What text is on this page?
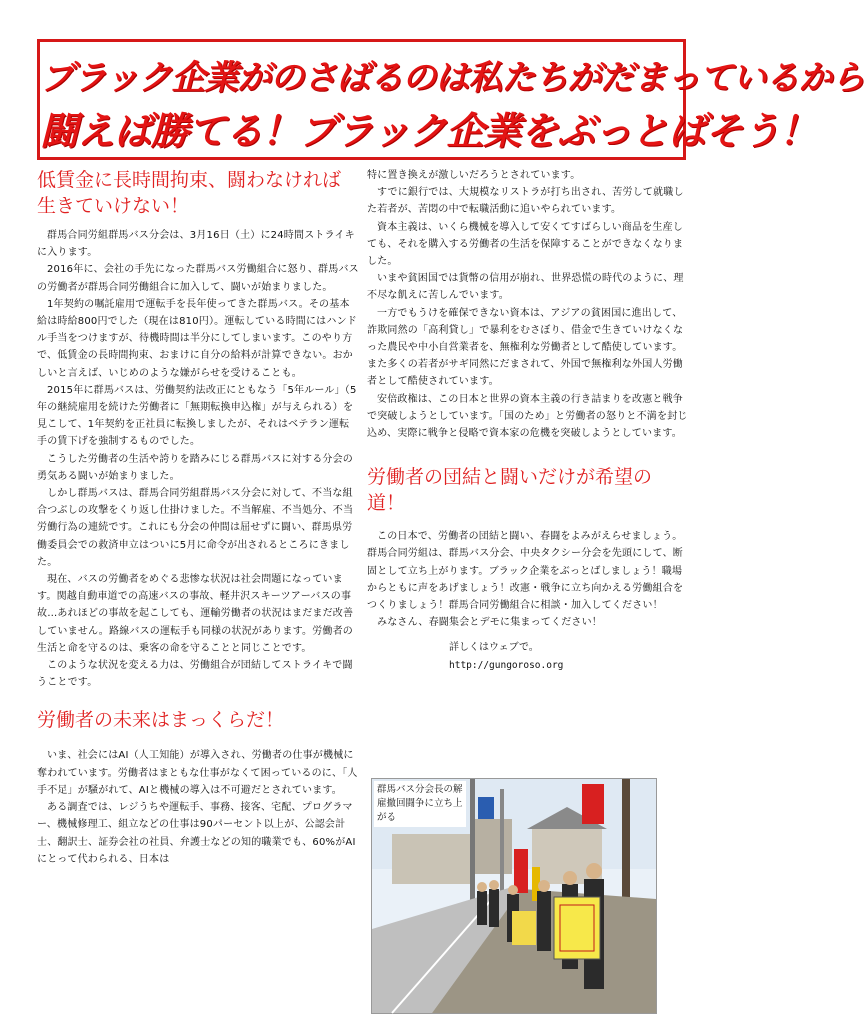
ブラック企業がのさばるのは私たちがだまっているから
闘えば勝てる！ブラック企業をぶっとばそう！
低賃金に長時間拘束、闘わなければ生きていけない！

群馬合同労組群馬バス分会は、3月16日（土）に24時間ストライキに入ります。

2016年に、会社の手先になった群馬バス労働組合に怒り、群馬バスの労働者が群馬合同労働組合に加入して、闘いが始まりました。

1年契約の嘱託雇用で運転手を長年使ってきた群馬バス。その基本給は時給800円でした（現在は810円）。運転している時間にはハンドル手当をつけますが、待機時間は半分にしてしまいます。このやり方で、低賃金の長時間拘束、おまけに自分の給料が計算できない。おかしいと言えば、いじめのような嫌がらせを受けることも。

2015年に群馬バスは、労働契約法改正にともなう「5年ルール」（5年の継続雇用を続けた労働者に「無期転換申込権」が与えられる）を見こして、1年契約を正社員に転換しましたが、それはベテラン運転手の賃下げを強制するものでした。

こうした労働者の生活や誇りを踏みにじる群馬バスに対する分会の勇気ある闘いが始まりました。

しかし群馬バスは、群馬合同労組群馬バス分会に対して、不当な組合つぶしの攻撃をくり返し仕掛けました。不当解雇、不当処分、不当労働行為の連続です。これにも分会の仲間は屈せずに闘い、群馬県労働委員会での救済申立はついに5月に命令が出されるところにきました。

現在、バスの労働者をめぐる悲惨な状況は社会問題になっています。関越自動車道での高速バスの事故、軽井沢スキーツアーバスの事故…あれほどの事故を起こしても、運輸労働者の状況はまだまだ改善していません。路線バスの運転手も同様の状況があります。労働者の生活と命を守るのは、乗客の命を守ることと同じことです。

このような状況を変える力は、労働組合が団結してストライキで闘うことです。

労働者の未来はまっくらだ！

いま、社会にはAI（人工知能）が導入され、労働者の仕事が機械に奪われています。労働者はまともな仕事がなくて困っているのに、「人手不足」が騒がれて、AIと機械の導入は不可避だとされています。

ある調査では、レジうちや運転手、事務、接客、宅配、プログラマー、機械修理工、組立などの仕事は90パーセント以上が、公認会計士、翻訳士、証券会社の社員、弁護士などの知的職業でも、60%がAIにとって代わられる、日本は

特に置き換えが激しいだろうとされています。

すでに銀行では、大規模なリストラが打ち出され、苦労して就職した若者が、苦悶の中で転職活動に追いやられています。

資本主義は、いくら機械を導入して安くてすばらしい商品を生産しても、それを購入する労働者の生活を保障することができなくなりました。

いまや貧困国では貨幣の信用が崩れ、世界恐慌の時代のように、理不尽な飢えに苦しんでいます。

一方でもうけを確保できない資本は、アジアの貧困国に進出して、詐欺同然の「高利貸し」で暴利をむさぼり、借金で生きていけなくなった農民や中小自営業者を、無権利な労働者として酷使しています。また多くの若者がサギ同然にだまされて、外国で無権利な外国人労働者として酷使されています。

安倍政権は、この日本と世界の資本主義の行き詰まりを改憲と戦争で突破しようとしています。「国のため」と労働者の怒りと不満を封じ込め、実際に戦争と侵略で資本家の危機を突破しようとしています。

労働者の団結と闘いだけが希望の道！

この日本で、労働者の団結と闘い、春闘をよみがえらせましょう。群馬合同労組は、群馬バス分会、中央タクシー分会を先頭にして、断固として立ち上がります。ブラック企業をぶっとばしましょう！職場からともに声をあげましょう！改憲・戦争に立ち向かえる労働組合をつくりましょう！群馬合同労働組合に相談・加入してください！

みなさん、春闘集会とデモに集まってください！

詳しくはウェブで。

http://gungoroso.org

群馬バス分会長の解雇撤回闘争に立ち上がる
